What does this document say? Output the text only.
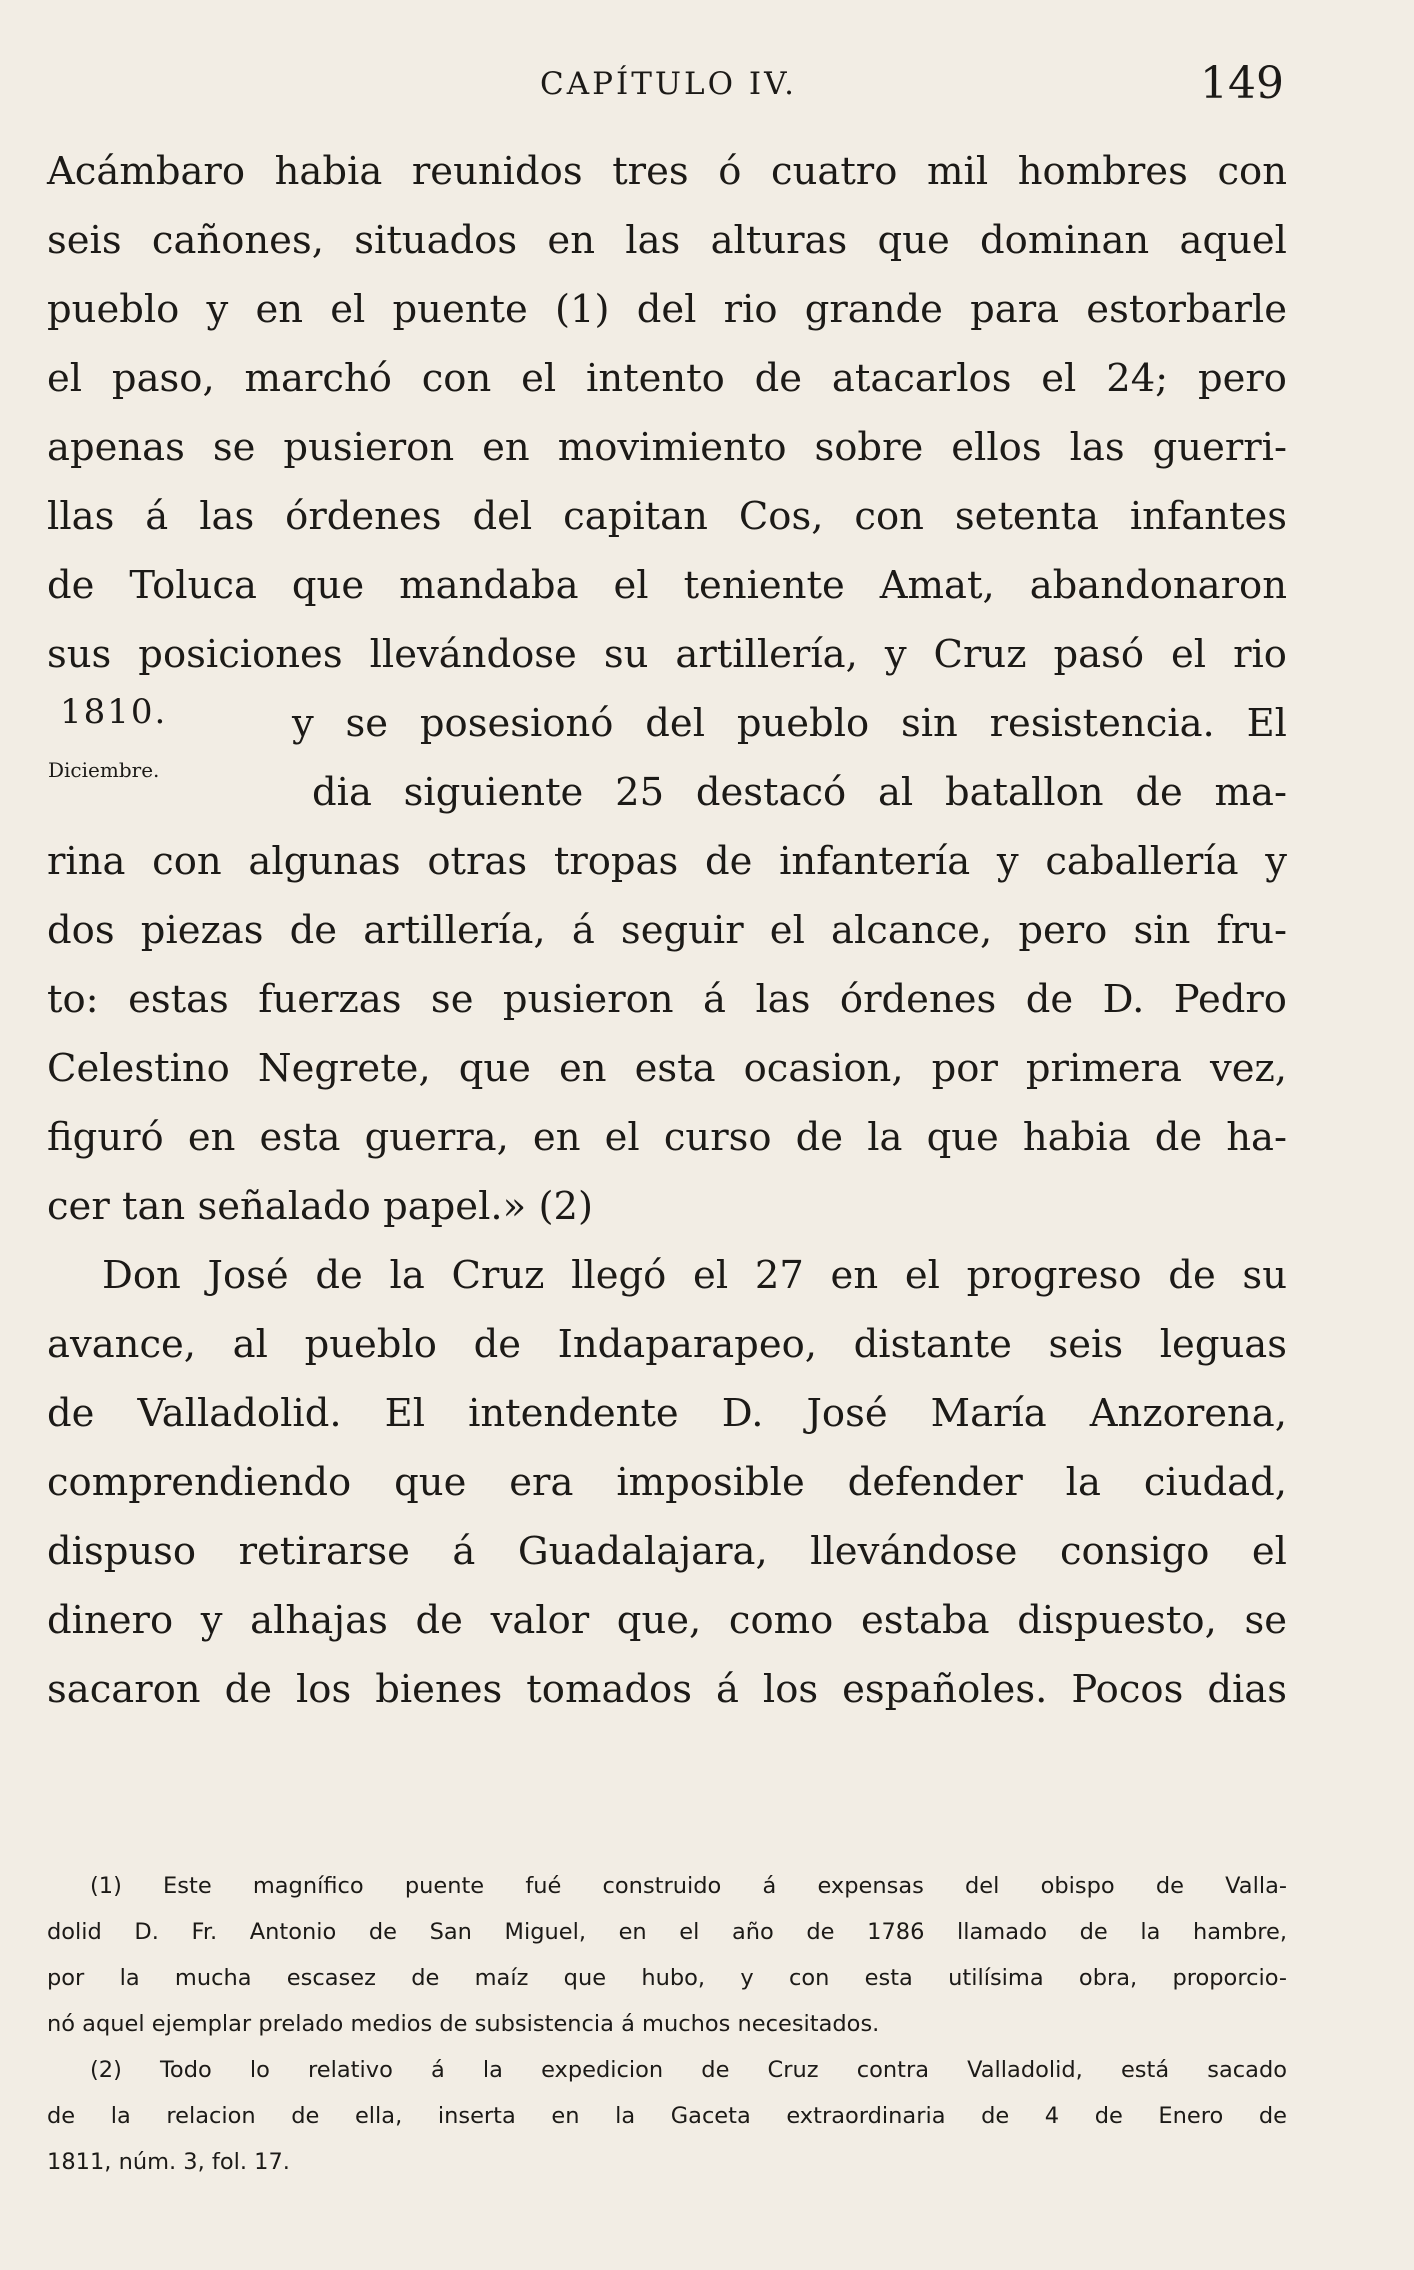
CAPÍTULO IV.	149
Acámbaro habia reunidos tres ó cuatro mil hombres con
seis cañones, situados en las alturas que dominan aquel
pueblo y en el puente (1) del rio grande para estorbarle
el paso, marchó con el intento de atacarlos el 24; pero
apenas se pusieron en movimiento sobre ellos las guerri-
llas á las órdenes del capitan Cos, con setenta infantes
de Toluca que mandaba el teniente Amat, abandonaron
sus posiciones llevándose su artillería, y Cruz pasó el rio
y se posesionó del pueblo sin resistencia. El
dia siguiente 25 destacó al batallon de ma-
rina con algunas otras tropas de infantería y caballería y
dos piezas de artillería, á seguir el alcance, pero sin fru-
to: estas fuerzas se pusieron á las órdenes de D. Pedro
Celestino Negrete, que en esta ocasion, por primera vez,
figuró en esta guerra, en el curso de la que habia de ha-
cer tan señalado papel.» (2)
Don José de la Cruz llegó el 27 en el progreso de su
avance, al pueblo de Indaparapeo, distante seis leguas
de Valladolid. El intendente D. José María Anzorena,
comprendiendo que era imposible defender la ciudad,
dispuso retirarse á Guadalajara, llevándose consigo el
dinero y alhajas de valor que, como estaba dispuesto, se
sacaron de los bienes tomados á los españoles. Pocos dias
1810.
Diciembre.
(1) Este magnífico puente fué construido á expensas del obispo de Valla-
dolid D. Fr. Antonio de San Miguel, en el año de 1786 llamado de la hambre,
por la mucha escasez de maíz que hubo, y con esta utilísima obra, proporcio-
nó aquel ejemplar prelado medios de subsistencia á muchos necesitados.
(2) Todo lo relativo á la expedicion de Cruz contra Valladolid, está sacado
de la relacion de ella, inserta en la Gaceta extraordinaria de 4 de Enero de
1811, núm. 3, fol. 17.
